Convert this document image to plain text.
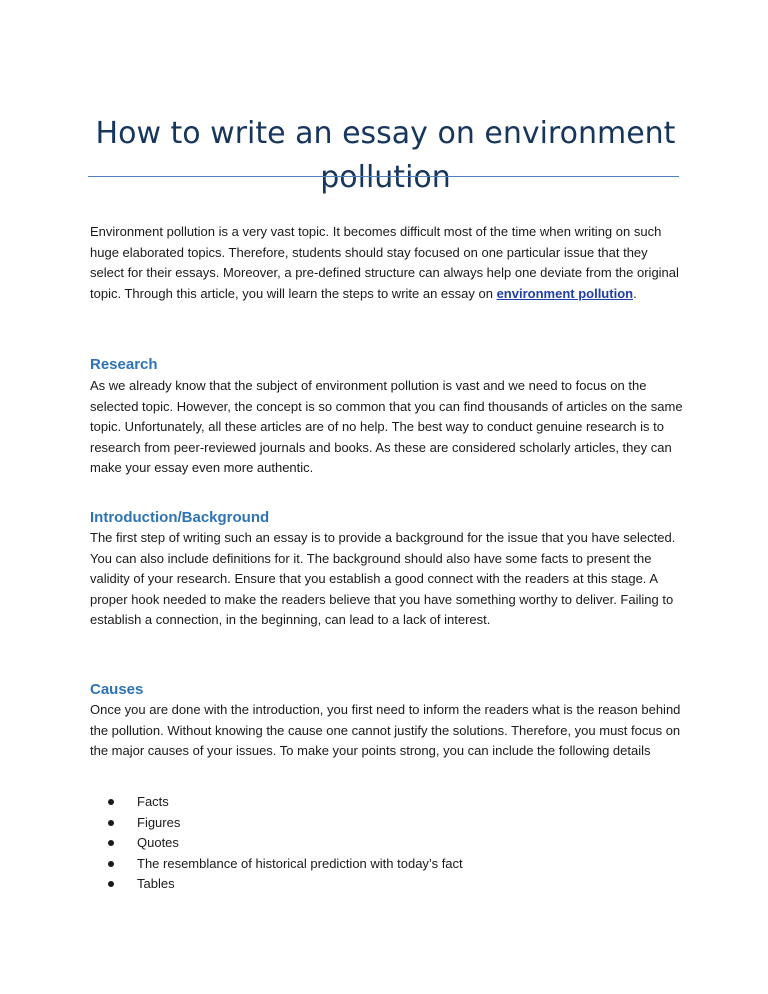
How to write an essay on environment pollution

Environment pollution is a very vast topic. It becomes difficult most of the time when writing on such huge elaborated topics. Therefore, students should stay focused on one particular issue that they select for their essays. Moreover, a pre-defined structure can always help one deviate from the original topic. Through this article, you will learn the steps to write an essay on environment pollution.

Research

As we already know that the subject of environment pollution is vast and we need to focus on the selected topic. However, the concept is so common that you can find thousands of articles on the same topic. Unfortunately, all these articles are of no help. The best way to conduct genuine research is to research from peer-reviewed journals and books. As these are considered scholarly articles, they can make your essay even more authentic.

Introduction/Background

The first step of writing such an essay is to provide a background for the issue that you have selected. You can also include definitions for it. The background should also have some facts to present the validity of your research. Ensure that you establish a good connect with the readers at this stage. A proper hook needed to make the readers believe that you have something worthy to deliver. Failing to establish a connection, in the beginning, can lead to a lack of interest.

Causes

Once you are done with the introduction, you first need to inform the readers what is the reason behind the pollution. Without knowing the cause one cannot justify the solutions. Therefore, you must focus on the major causes of your issues. To make your points strong, you can include the following details

Facts
Figures
Quotes
The resemblance of historical prediction with today’s fact
Tables
